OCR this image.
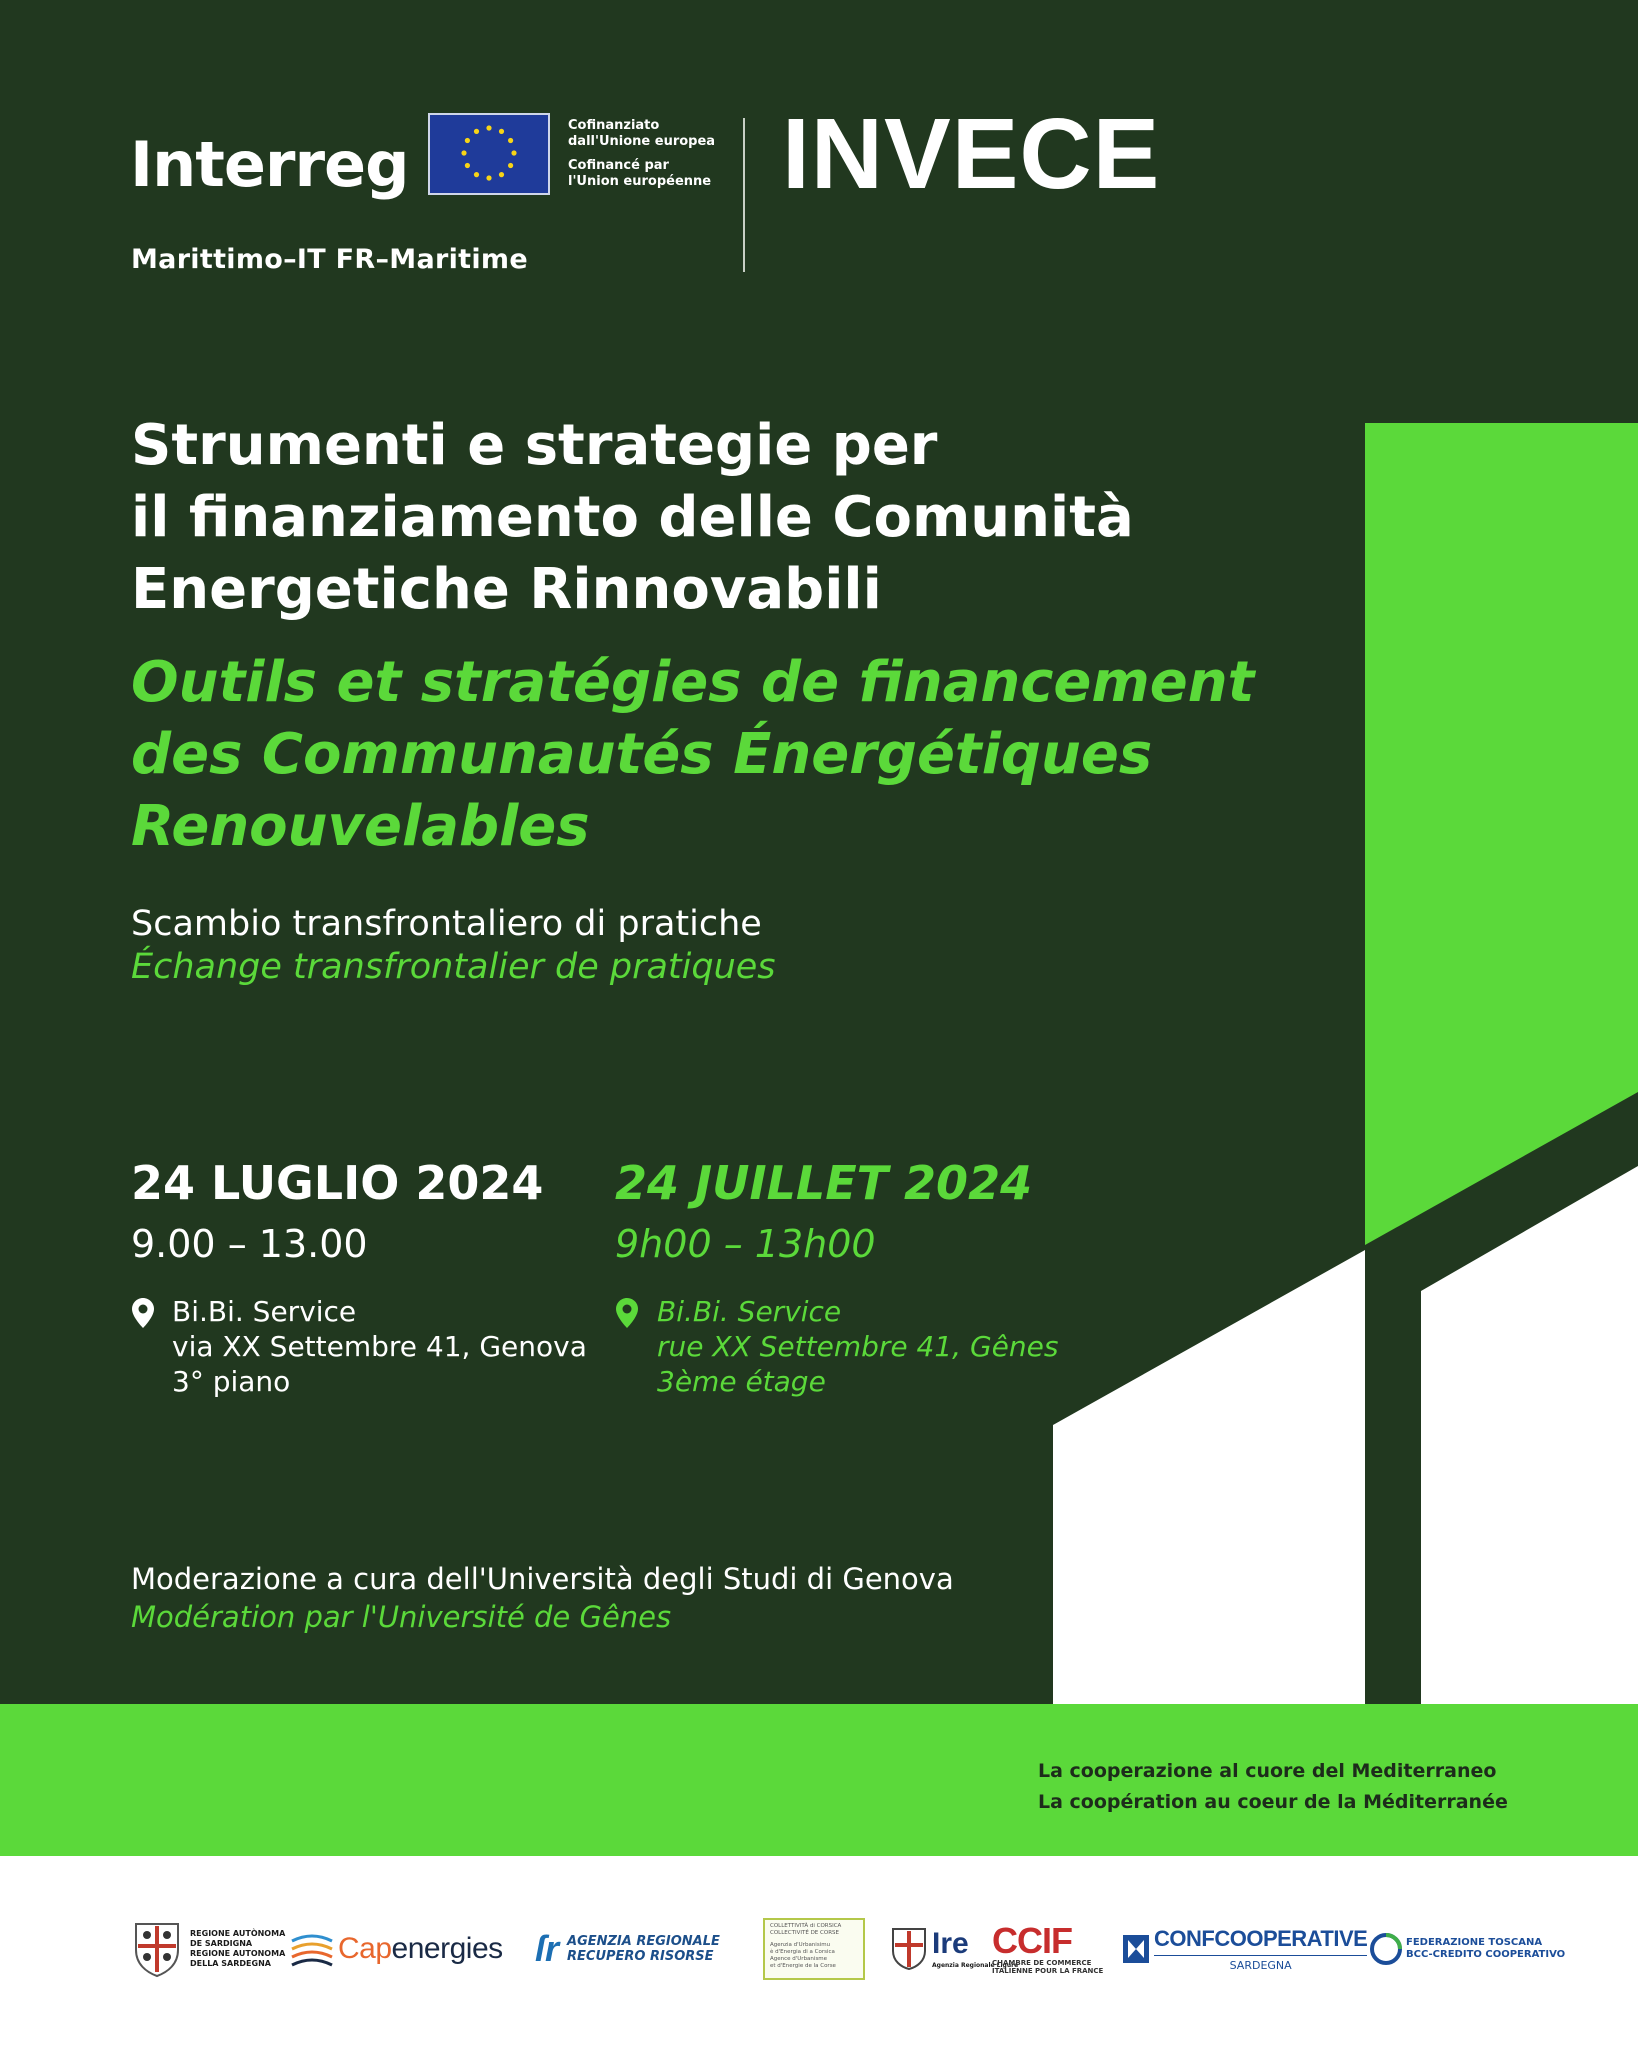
Interreg
Cofinanziato
dall'Unione europea
Cofinancé par
l'Union européenne
Marittimo–IT FR–Maritime
INVECE
Strumenti e strategie per
il finanziamento delle Comunità
Energetiche Rinnovabili
Outils et stratégies de financement
des Communautés Énergétiques
Renouvelables
Scambio transfrontaliero di pratiche
Échange transfrontalier de pratiques
24 LUGLIO 2024
9.00 – 13.00
24 JUILLET 2024
9h00 – 13h00
Bi.Bi. Service
via XX Settembre 41, Genova
3° piano
Bi.Bi. Service
rue XX Settembre 41, Gênes
3ème étage
Moderazione a cura dell'Università degli Studi di Genova
Modération par l'Université de Gênes
La cooperazione al cuore del Mediterraneo
La coopération au coeur de la Méditerranée
REGIONE AUTÒNOMA
DE SARDIGNA
REGIONE AUTONOMA
DELLA SARDEGNA	Capenergies ſr AGENZIA REGIONALE
RECUPERO RISORSE
COLLETTIVITÀ di CORSICA
COLLECTIVITÉ DE CORSE
Agenzia d'Urbanisimu
è d'Energia di a Corsica
Agence d'Urbanisme
et d'Energie de la Corse
Ire
Agenzia Regionale Ligure
CCIF
CHAMBRE DE COMMERCE
ITALIENNE POUR LA FRANCE
CONFCOOPERATIVE
SARDEGNA
FEDERAZIONE TOSCANA
BCC-CREDITO COOPERATIVO
